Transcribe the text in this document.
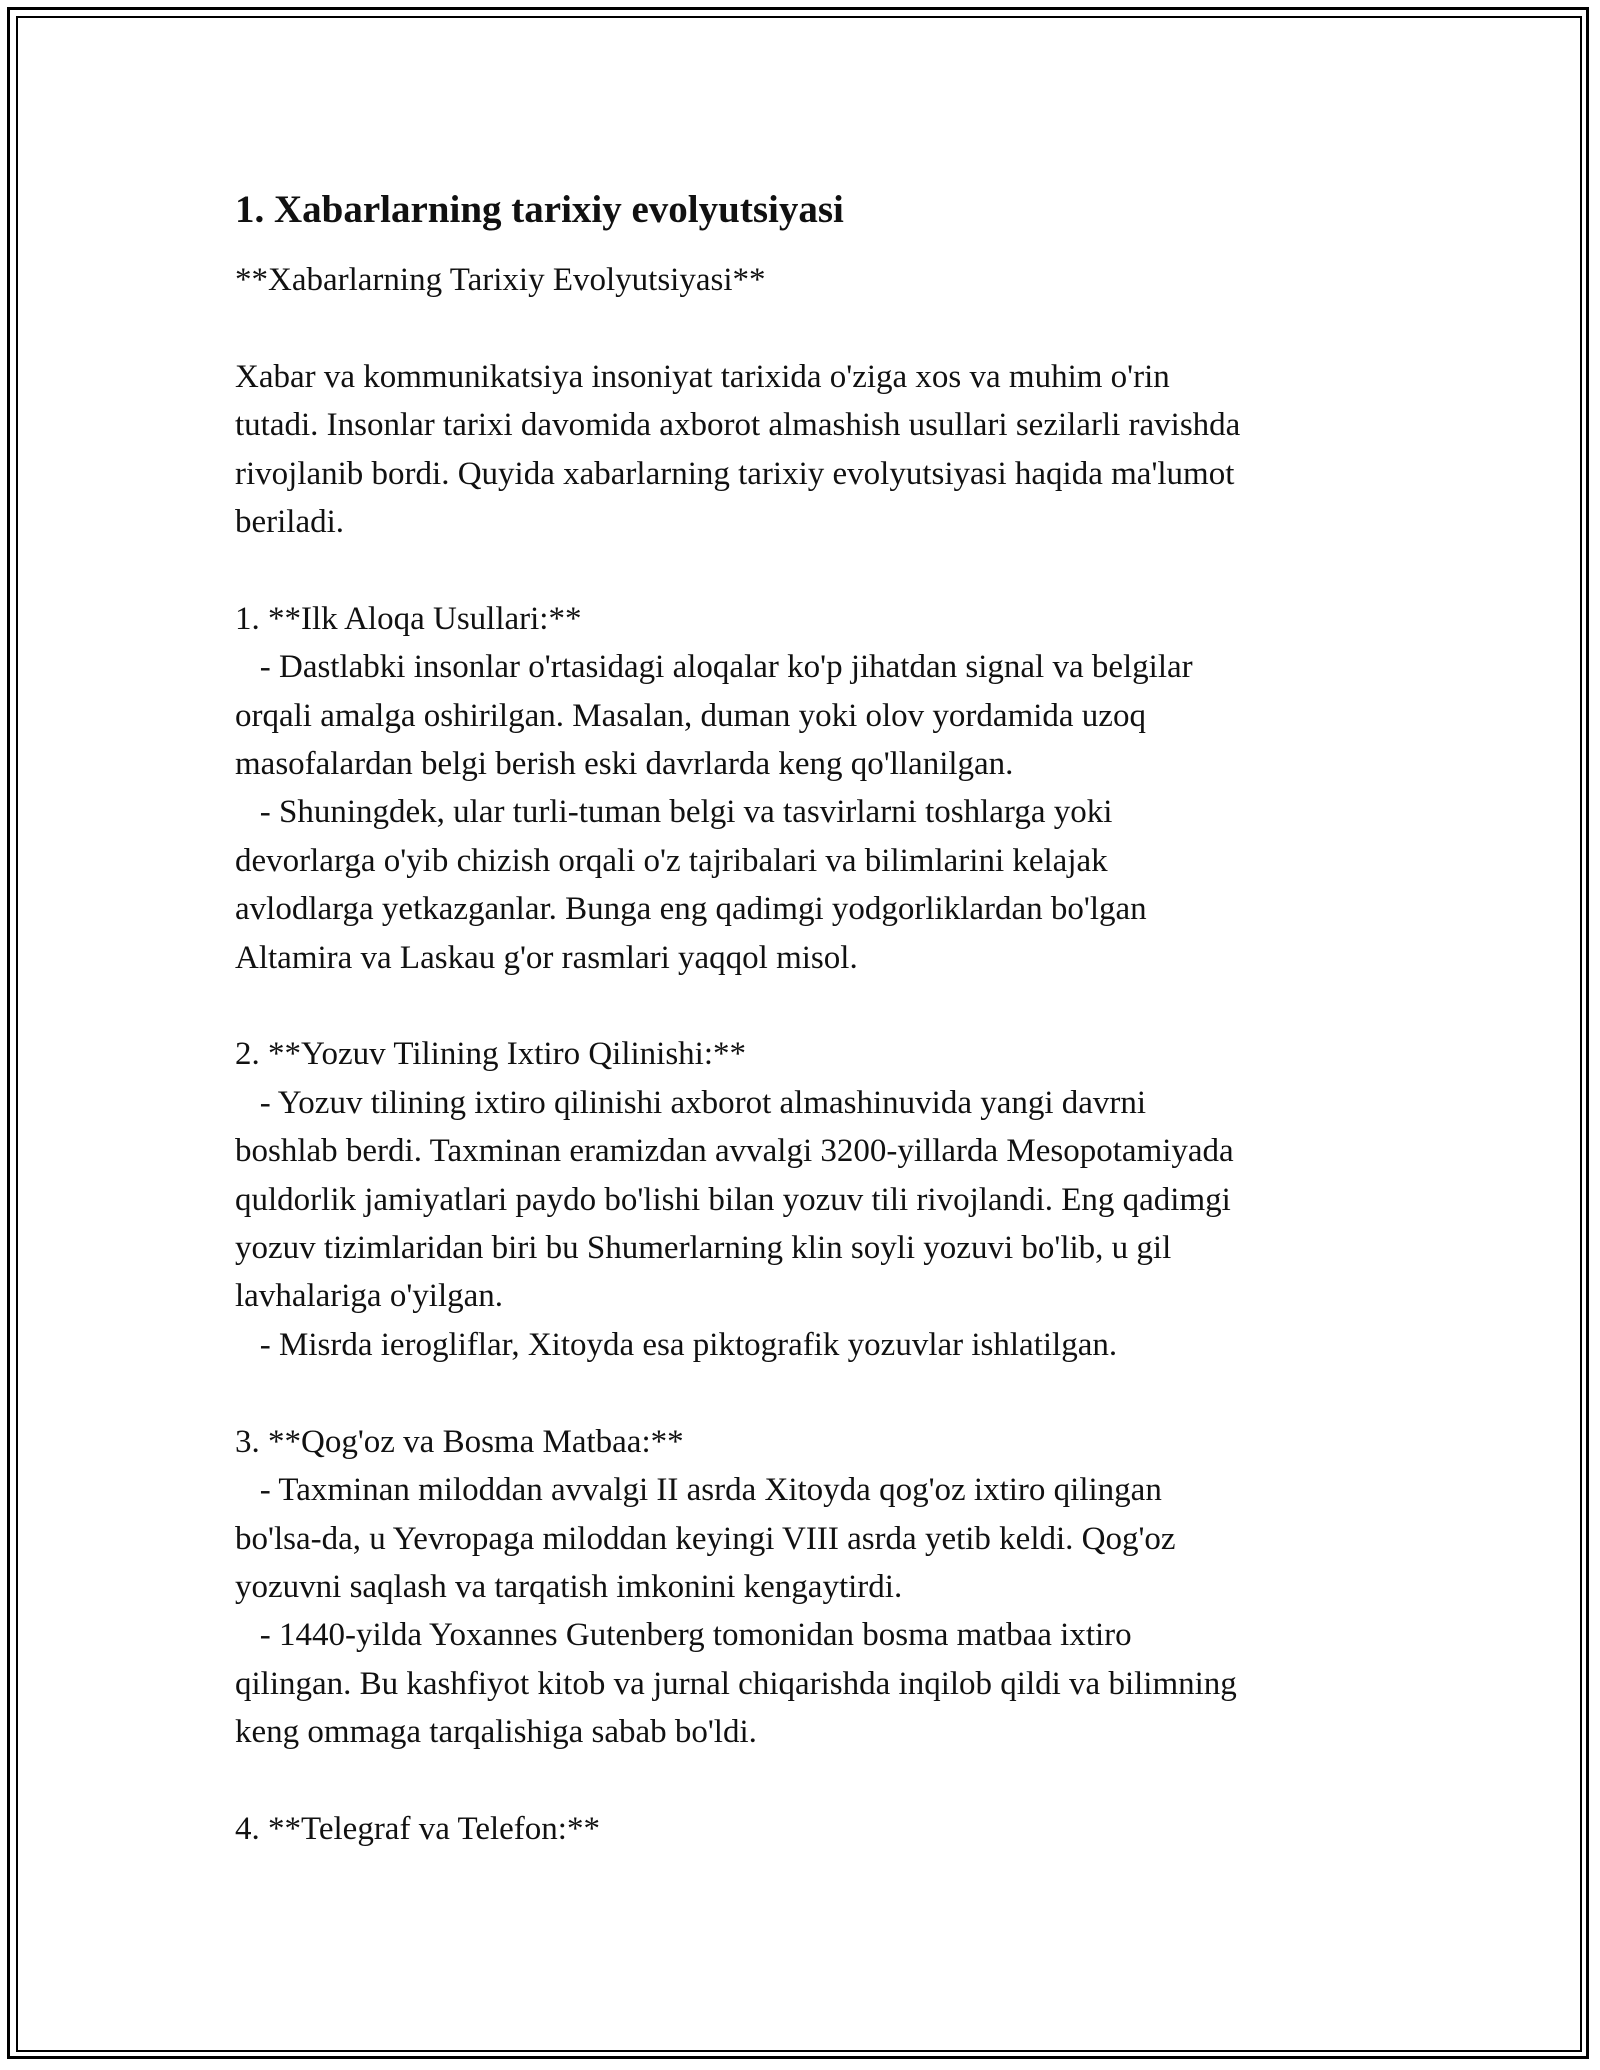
1. Xabarlarning tarixiy evolyutsiyasi

**Xabarlarning Tarixiy Evolyutsiyasi**

Xabar va kommunikatsiya insoniyat tarixida o'ziga xos va muhim o'rin

tutadi. Insonlar tarixi davomida axborot almashish usullari sezilarli ravishda

rivojlanib bordi. Quyida xabarlarning tarixiy evolyutsiyasi haqida ma'lumot

beriladi.

1. **Ilk Aloqa Usullari:**

- Dastlabki insonlar o'rtasidagi aloqalar ko'p jihatdan signal va belgilar

orqali amalga oshirilgan. Masalan, duman yoki olov yordamida uzoq

masofalardan belgi berish eski davrlarda keng qo'llanilgan.

- Shuningdek, ular turli-tuman belgi va tasvirlarni toshlarga yoki

devorlarga o'yib chizish orqali o'z tajribalari va bilimlarini kelajak

avlodlarga yetkazganlar. Bunga eng qadimgi yodgorliklardan bo'lgan

Altamira va Laskau g'or rasmlari yaqqol misol.

2. **Yozuv Tilining Ixtiro Qilinishi:**

- Yozuv tilining ixtiro qilinishi axborot almashinuvida yangi davrni

boshlab berdi. Taxminan eramizdan avvalgi 3200-yillarda Mesopotamiyada

quldorlik jamiyatlari paydo bo'lishi bilan yozuv tili rivojlandi. Eng qadimgi

yozuv tizimlaridan biri bu Shumerlarning klin soyli yozuvi bo'lib, u gil

lavhalariga o'yilgan.

- Misrda ierogliflar, Xitoyda esa piktografik yozuvlar ishlatilgan.

3. **Qog'oz va Bosma Matbaa:**

- Taxminan miloddan avvalgi II asrda Xitoyda qog'oz ixtiro qilingan

bo'lsa-da, u Yevropaga miloddan keyingi VIII asrda yetib keldi. Qog'oz

yozuvni saqlash va tarqatish imkonini kengaytirdi.

- 1440-yilda Yoxannes Gutenberg tomonidan bosma matbaa ixtiro

qilingan. Bu kashfiyot kitob va jurnal chiqarishda inqilob qildi va bilimning

keng ommaga tarqalishiga sabab bo'ldi.

4. **Telegraf va Telefon:**
